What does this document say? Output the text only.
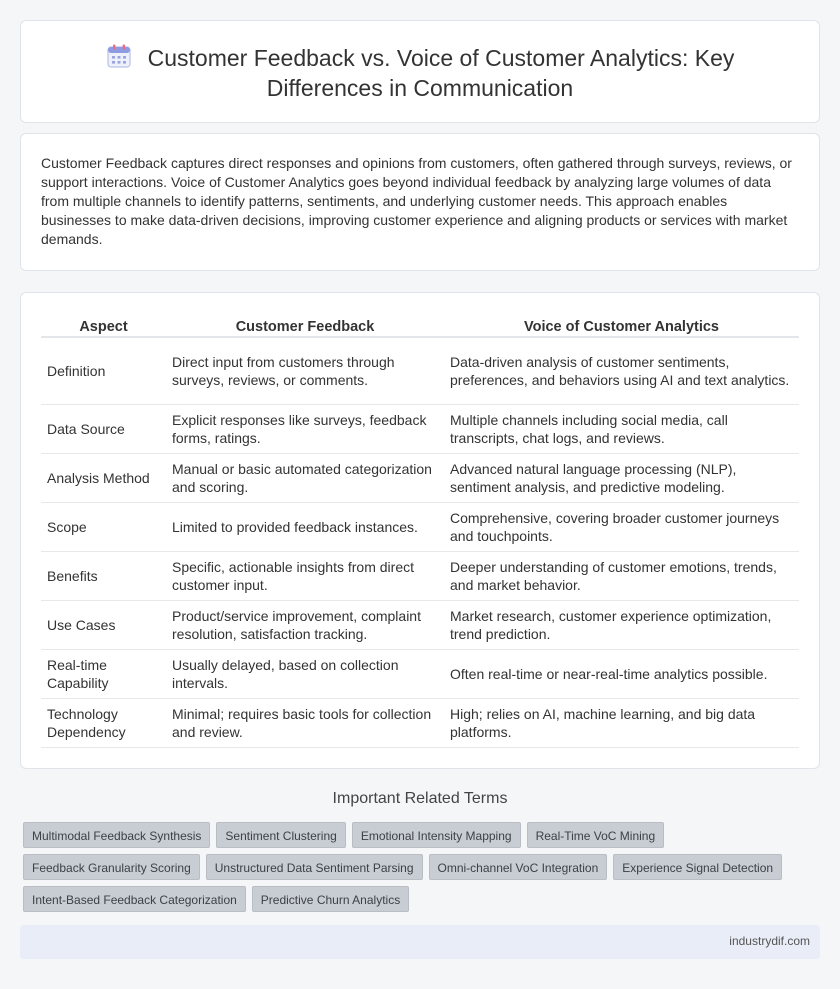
Customer Feedback vs. Voice of Customer Analytics: Key Differences in Communication

Customer Feedback captures direct responses and opinions from customers, often gathered through surveys, reviews, or support interactions. Voice of Customer Analytics goes beyond individual feedback by analyzing large volumes of data from multiple channels to identify patterns, sentiments, and underlying customer needs. This approach enables businesses to make data-driven decisions, improving customer experience and aligning products or services with market demands.

Aspect	Customer Feedback	Voice of Customer Analytics
Definition	Direct input from customers through surveys, reviews, or comments.	Data-driven analysis of customer sentiments, preferences, and behaviors using AI and text analytics.
Data Source	Explicit responses like surveys, feedback forms, ratings.	Multiple channels including social media, call transcripts, chat logs, and reviews.
Analysis Method	Manual or basic automated categorization and scoring.	Advanced natural language processing (NLP), sentiment analysis, and predictive modeling.
Scope	Limited to provided feedback instances.	Comprehensive, covering broader customer journeys and touchpoints.
Benefits	Specific, actionable insights from direct customer input.	Deeper understanding of customer emotions, trends, and market behavior.
Use Cases	Product/service improvement, complaint resolution, satisfaction tracking.	Market research, customer experience optimization, trend prediction.
Real-time Capability	Usually delayed, based on collection intervals.	Often real-time or near-real-time analytics possible.
Technology Dependency	Minimal; requires basic tools for collection and review.	High; relies on AI, machine learning, and big data platforms.
Important Related Terms
Multimodal Feedback Synthesis	Sentiment Clustering	Emotional Intensity Mapping	Real-Time VoC Mining
Feedback Granularity Scoring	Unstructured Data Sentiment Parsing	Omni-channel VoC Integration	Experience Signal Detection
Intent-Based Feedback Categorization	Predictive Churn Analytics
industrydif.com
